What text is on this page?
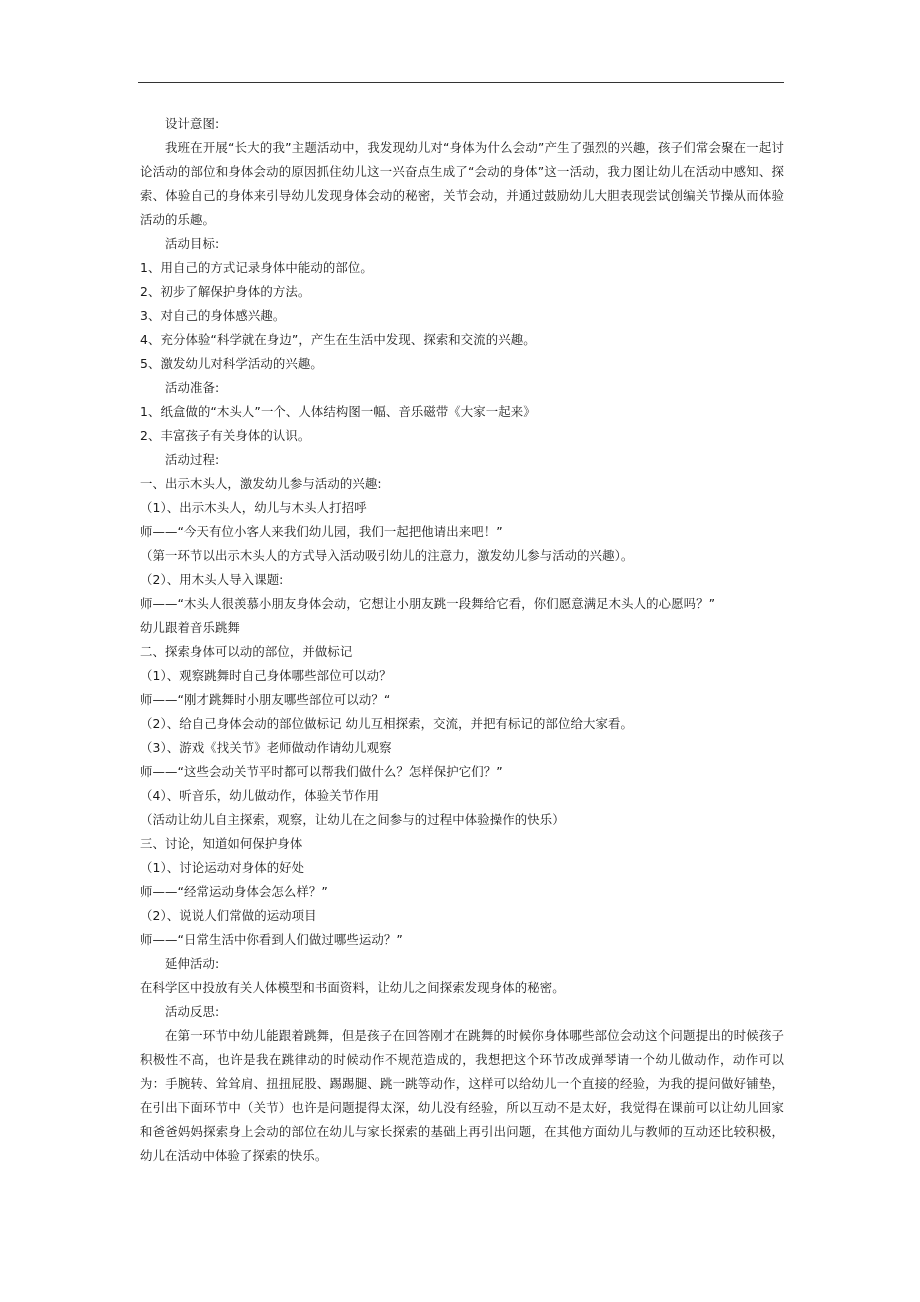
设计意图:
我班在开展“长大的我”主题活动中，我发现幼儿对“身体为什么会动”产生了强烈的兴趣，孩子们常会聚在一起讨论活动的部位和身体会动的原因抓住幼儿这一兴奋点生成了“会动的身体”这一活动，我力图让幼儿在活动中感知、探索、体验自己的身体来引导幼儿发现身体会动的秘密，关节会动，并通过鼓励幼儿大胆表现尝试创编关节操从而体验活动的乐趣。
活动目标:
1、用自己的方式记录身体中能动的部位。
2、初步了解保护身体的方法。
3、对自己的身体感兴趣。
4、充分体验“科学就在身边”，产生在生活中发现、探索和交流的兴趣。
5、激发幼儿对科学活动的兴趣。
活动准备:
1、纸盒做的“木头人”一个、人体结构图一幅、音乐磁带《大家一起来》
2、丰富孩子有关身体的认识。
活动过程:
一、出示木头人，激发幼儿参与活动的兴趣:
（1）、出示木头人，幼儿与木头人打招呼
师——“今天有位小客人来我们幼儿园，我们一起把他请出来吧！”
（第一环节以出示木头人的方式导入活动吸引幼儿的注意力，激发幼儿参与活动的兴趣）。
（2）、用木头人导入课题:
师——“木头人很羡慕小朋友身体会动，它想让小朋友跳一段舞给它看，你们愿意满足木头人的心愿吗？”
幼儿跟着音乐跳舞
二、探索身体可以动的部位，并做标记
（1）、观察跳舞时自己身体哪些部位可以动？
师——“刚才跳舞时小朋友哪些部位可以动？“
（2）、给自己身体会动的部位做标记 幼儿互相探索，交流，并把有标记的部位给大家看。
（3）、游戏《找关节》老师做动作请幼儿观察
师——“这些会动关节平时都可以帮我们做什么？怎样保护它们？”
（4）、听音乐，幼儿做动作，体验关节作用
（活动让幼儿自主探索，观察，让幼儿在之间参与的过程中体验操作的快乐）
三、讨论，知道如何保护身体
（1）、讨论运动对身体的好处
师——“经常运动身体会怎么样？”
（2）、说说人们常做的运动项目
师——“日常生活中你看到人们做过哪些运动？”
延伸活动:
在科学区中投放有关人体模型和书面资料，让幼儿之间探索发现身体的秘密。
活动反思:
在第一环节中幼儿能跟着跳舞，但是孩子在回答刚才在跳舞的时候你身体哪些部位会动这个问题提出的时候孩子积极性不高，也许是我在跳律动的时候动作不规范造成的，我想把这个环节改成弹琴请一个幼儿做动作，动作可以为：手腕转、耸耸肩、扭扭屁股、踢踢腿、跳一跳等动作，这样可以给幼儿一个直接的经验，为我的提问做好铺垫，在引出下面环节中（关节）也许是问题提得太深，幼儿没有经验，所以互动不是太好，我觉得在课前可以让幼儿回家和爸爸妈妈探索身上会动的部位在幼儿与家长探索的基础上再引出问题，在其他方面幼儿与教师的互动还比较积极，幼儿在活动中体验了探索的快乐。
